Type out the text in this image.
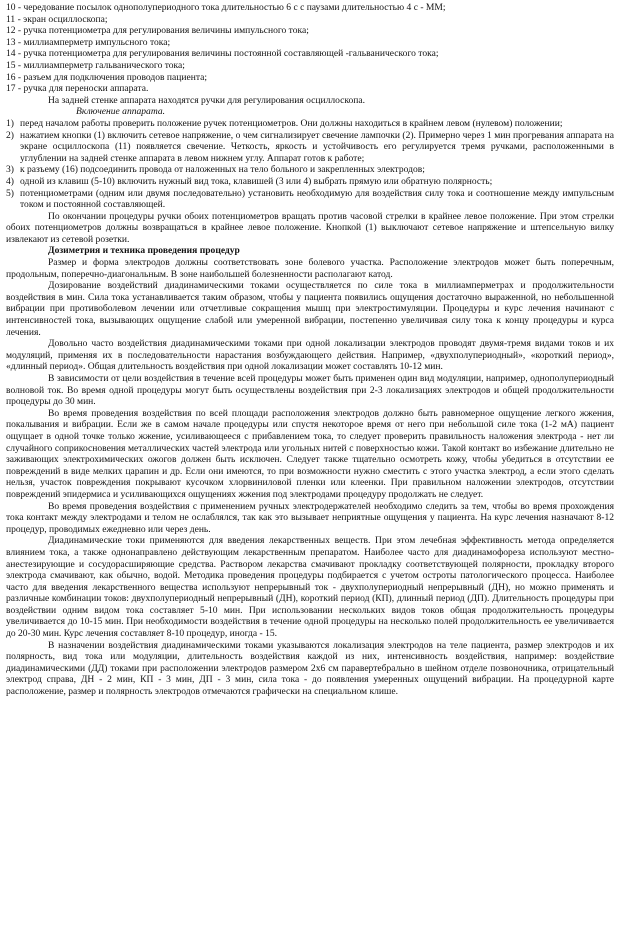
10 - чередование посылок однополупериодного тока длительностью 6 с с паузами длительностью 4 с - ММ;

11 - экран осциллоскопа;

12 - ручка потенциометра для регулирования величины импульсного тока;

13 - миллиамперметр импульсного тока;

14 - ручка потенциометра для регулирования величины постоянной составляющей -гальванического тока;

15 - миллиамперметр гальванического тока;

16 - разъем для подключения проводов пациента;

17 - ручка для переноски аппарата.

На задней стенке аппарата находятся ручки для регулирования осциллоскопа.

Включение аппарата.

1) перед началом работы проверить положение ручек потенциометров. Они должны находиться в крайнем левом (нулевом) положении;
2) нажатием кнопки (1) включить сетевое напряжение, о чем сигнализирует свечение лампочки (2). Примерно через 1 мин прогревания аппарата на экране осциллоскопа (11) появляется свечение. Четкость, яркость и устойчивость его регулируется тремя ручками, расположенными в углублении на задней стенке аппарата в левом нижнем углу. Аппарат готов к работе;
3) к разъему (16) подсоединить провода от наложенных на тело больного и закрепленных электродов;
4) одной из клавиш (5-10) включить нужный вид тока, клавишей (3 или 4) выбрать прямую или обратную полярность;
5) потенциометрами (одним или двумя последовательно) установить необходимую для воздействия силу тока и соотношение между импульсным током и постоянной составляющей.

По окончании процедуры ручки обоих потенциометров вращать против часовой стрелки в крайнее левое положение. При этом стрелки обоих потенциометров должны возвращаться в крайнее левое положение. Кнопкой (1) выключают сетевое напряжение и штепсельную вилку извлекают из сетевой розетки.

Дозиметрия и техника проведения процедур

Размер и форма электродов должны соответствовать зоне болевого участка. Расположение электродов может быть поперечным, продольным, поперечно-диагональным. В зоне наибольшей болезненности располагают катод.

Дозирование воздействий диадинамическими токами осуществляется по силе тока в миллиамперметрах и продолжительности воздействия в мин. Сила тока устанавливается таким образом, чтобы у пациента появились ощущения достаточно выраженной, но небольшенной вибрации при противоболевом лечении или отчетливые сокращения мышц при электростимуляции. Процедуры и курс лечения начинают с интенсивностей тока, вызывающих ощущение слабой или умеренной вибрации, постепенно увеличивая силу тока к концу процедуры и курса лечения.

Довольно часто воздействия диадинамическими токами при одной локализации электродов проводят двумя-тремя видами токов и их модуляций, применяя их в последовательности нарастания возбуждающего действия. Например, «двухполупериодный», «короткий период», «длинный период». Общая длительность воздействия при одной локализации может составлять 10-12 мин.

В зависимости от цели воздействия в течение всей процедуры может быть применен один вид модуляции, например, однополупериодный волновой ток. Во время одной процедуры могут быть осуществлены воздействия при 2-3 локализациях электродов и общей продолжительности процедуры до 30 мин.

Во время проведения воздействия по всей площади расположения электродов должно быть равномерное ощущение легкого жжения, покалывания и вибрации. Если же в самом начале процедуры или спустя некоторое время от него при небольшой силе тока (1-2 мА) пациент ощущает в одной точке только жжение, усиливающееся с прибавлением тока, то следует проверить правильность наложения электрода - нет ли случайного соприкосновения металлических частей электрода или угольных нитей с поверхностью кожи. Такой контакт во избежание длительно не заживающих электрохимических ожогов должен быть исключен. Следует также тщательно осмотреть кожу, чтобы убедиться в отсутствии ее повреждений в виде мелких царапин и др. Если они имеются, то при возможности нужно сместить с этого участка электрод, а если этого сделать нельзя, участок повреждения покрывают кусочком хлорвиниловой пленки или клеенки. При правильном наложении электродов, отсутствии повреждений эпидермиса и усиливающихся ощущениях жжения под электродами процедуру продолжать не следует.

Во время проведения воздействия с применением ручных электродержателей необходимо следить за тем, чтобы во время прохождения тока контакт между электродами и телом не ослаблялся, так как это вызывает неприятные ощущения у пациента. На курс лечения назначают 8-12 процедур, проводимых ежедневно или через день.

Диадинамические токи применяются для введения лекарственных веществ. При этом лечебная эффективность метода определяется влиянием тока, а также однонаправлено действующим лекарственным препаратом. Наиболее часто для диадинамофореза используют местно-анестезирующие и сосудорасширяющие средства. Раствором лекарства смачивают прокладку соответствующей полярности, прокладку второго электрода смачивают, как обычно, водой. Методика проведения процедуры подбирается с учетом остроты патологического процесса. Наиболее часто для введения лекарственного вещества используют непрерывный ток - двухполупериодный непрерывный (ДН), но можно применять и различные комбинации токов: двухполупериодный непрерывный (ДН), короткий период (КП), длинный период (ДП). Длительность процедуры при воздействии одним видом тока составляет 5-10 мин. При использовании нескольких видов токов общая продолжительность процедуры увеличивается до 10-15 мин. При необходимости воздействия в течение одной процедуры на несколько полей продолжительность ее увеличивается до 20-30 мин. Курс лечения составляет 8-10 процедур, иногда - 15.

В назначении воздействия диадинамическими токами указываются локализация электродов на теле пациента, размер электродов и их полярность, вид тока или модуляции, длительность воздействия каждой из них, интенсивность воздействия, например: воздействие диадинамическими (ДД) токами при расположении электродов размером 2х6 см паравертебрально в шейном отделе позвоночника, отрицательный электрод справа, ДН - 2 мин, КП - 3 мин, ДП - 3 мин, сила тока - до появления умеренных ощущений вибрации. На процедурной карте расположение, размер и полярность электродов отмечаются графически на специальном клише.
